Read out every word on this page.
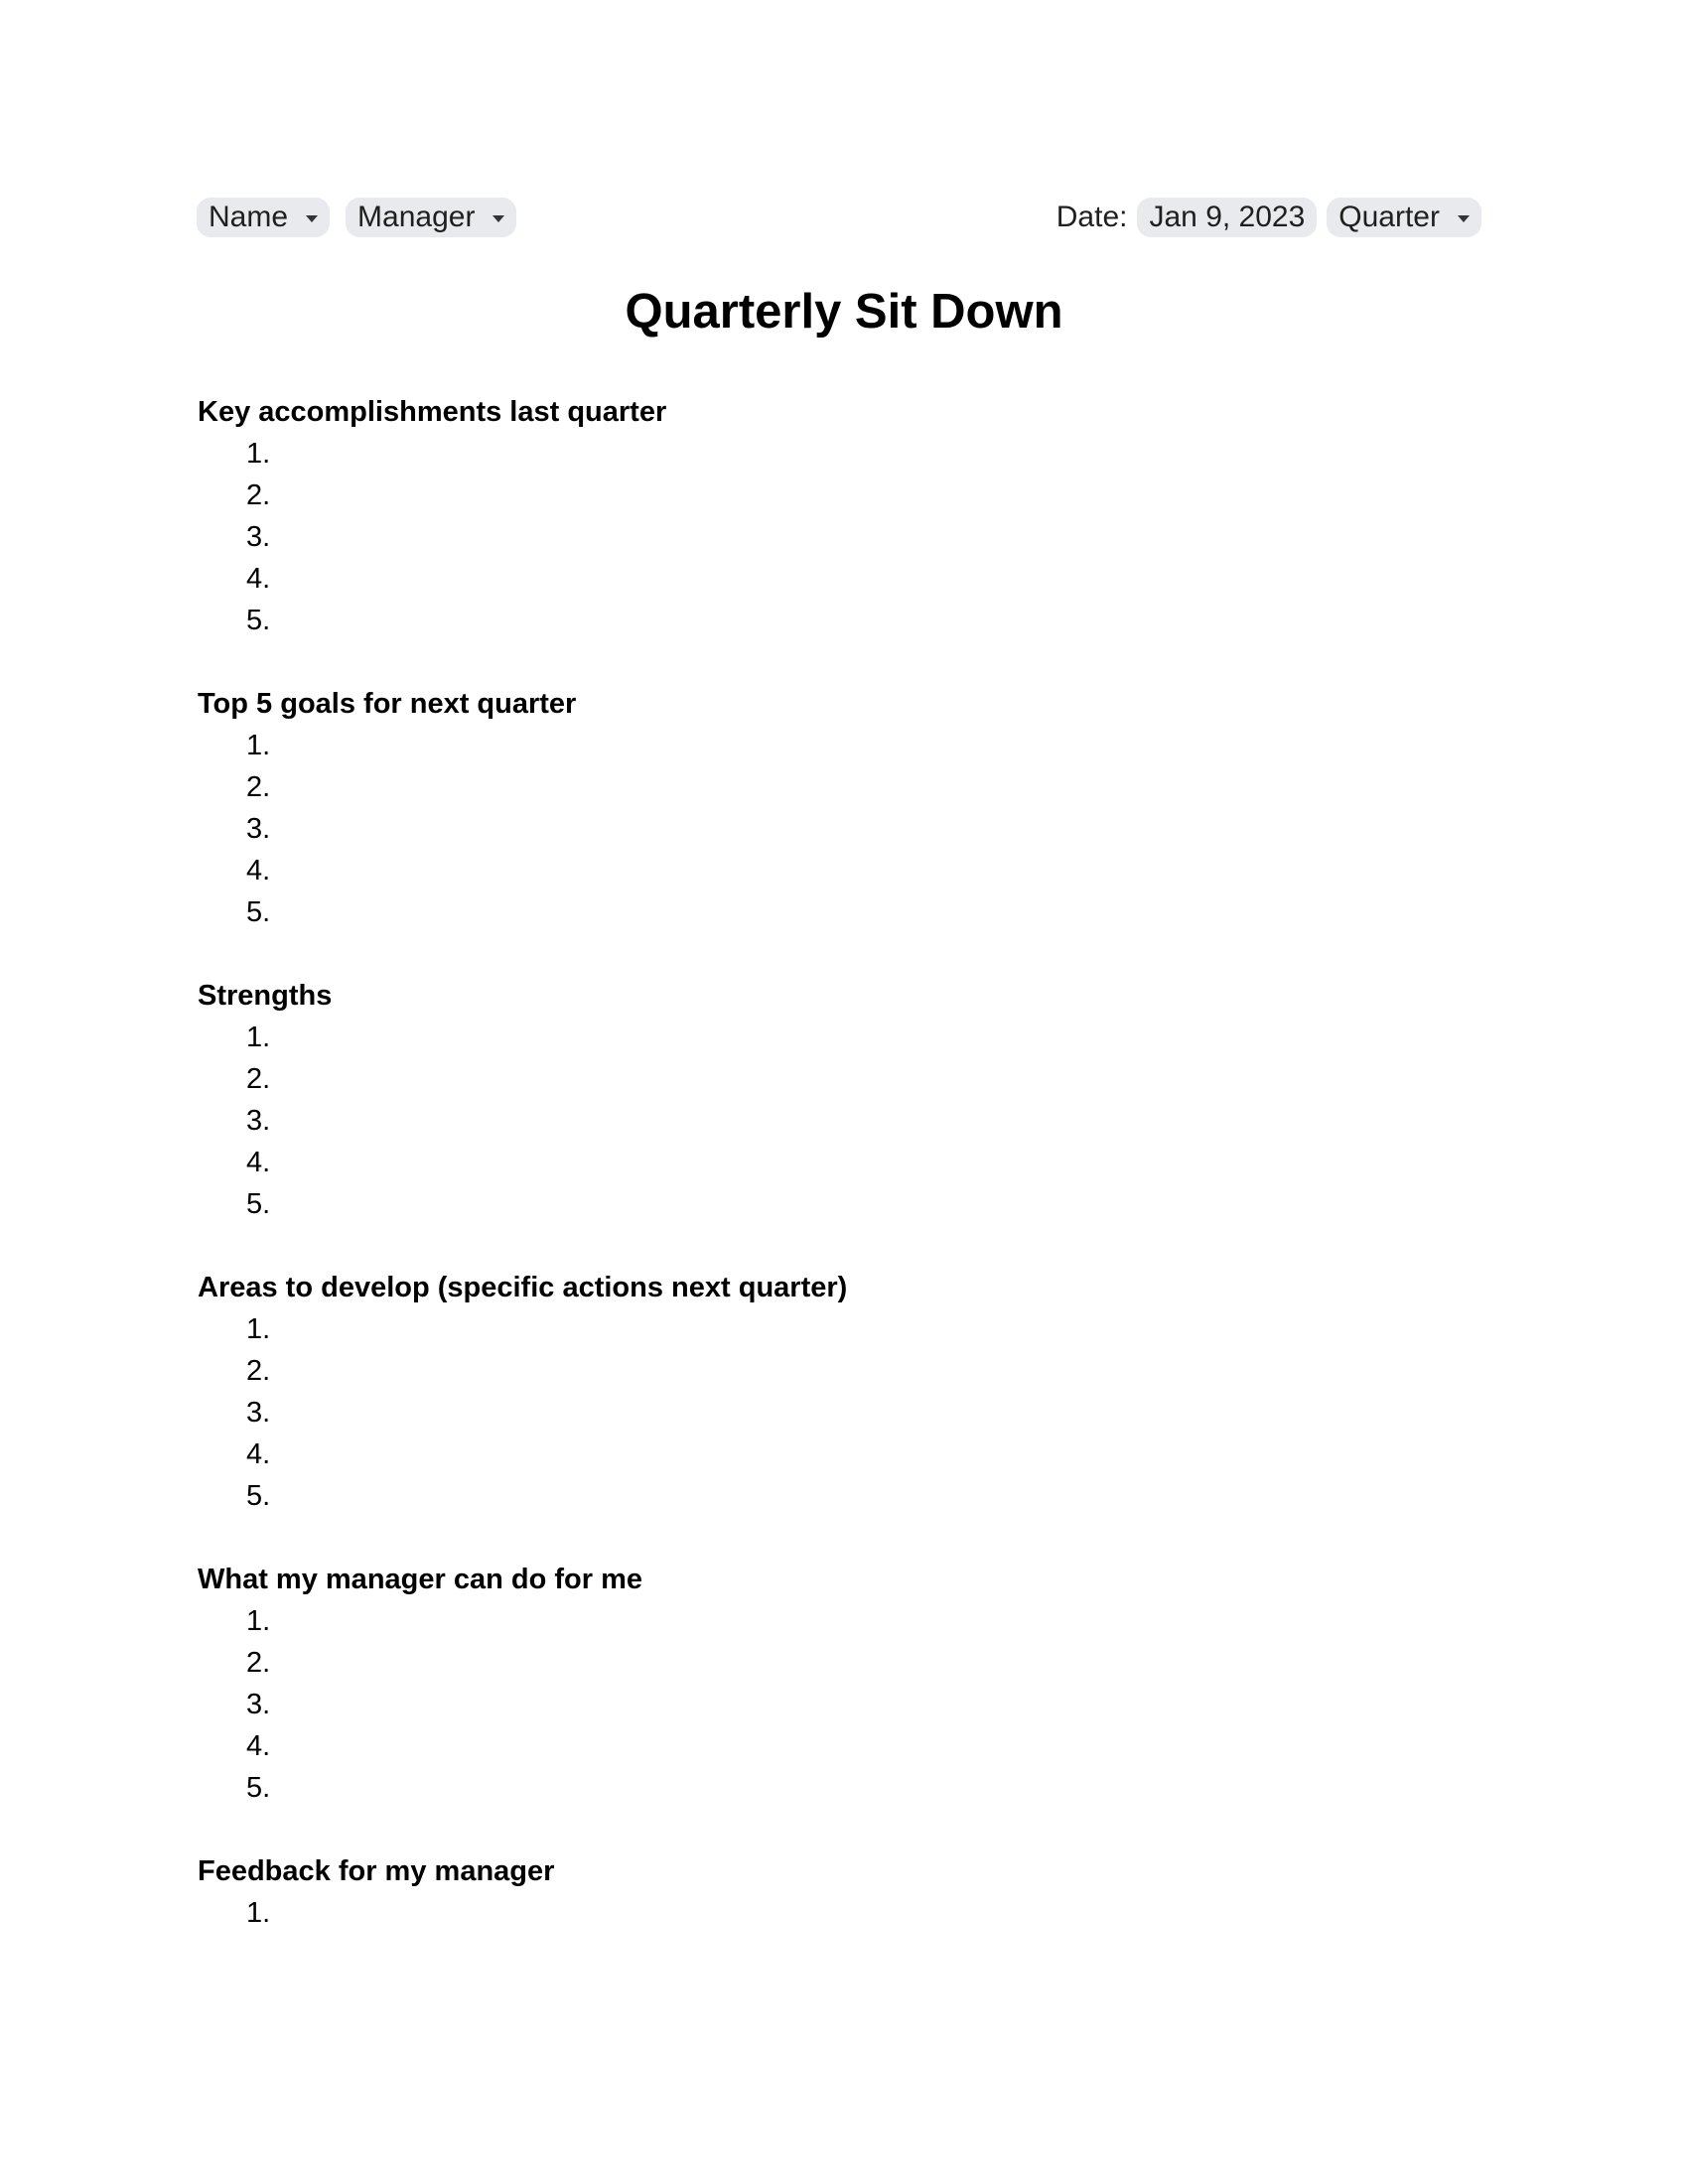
Name Manager	Date: Jan 9, 2023 Quarter
Quarterly Sit Down
Key accomplishments last quarter
1.
2.
3.
4.
5.
Top 5 goals for next quarter
1.
2.
3.
4.
5.
Strengths
1.
2.
3.
4.
5.
Areas to develop (specific actions next quarter)
1.
2.
3.
4.
5.
What my manager can do for me
1.
2.
3.
4.
5.
Feedback for my manager
1.
